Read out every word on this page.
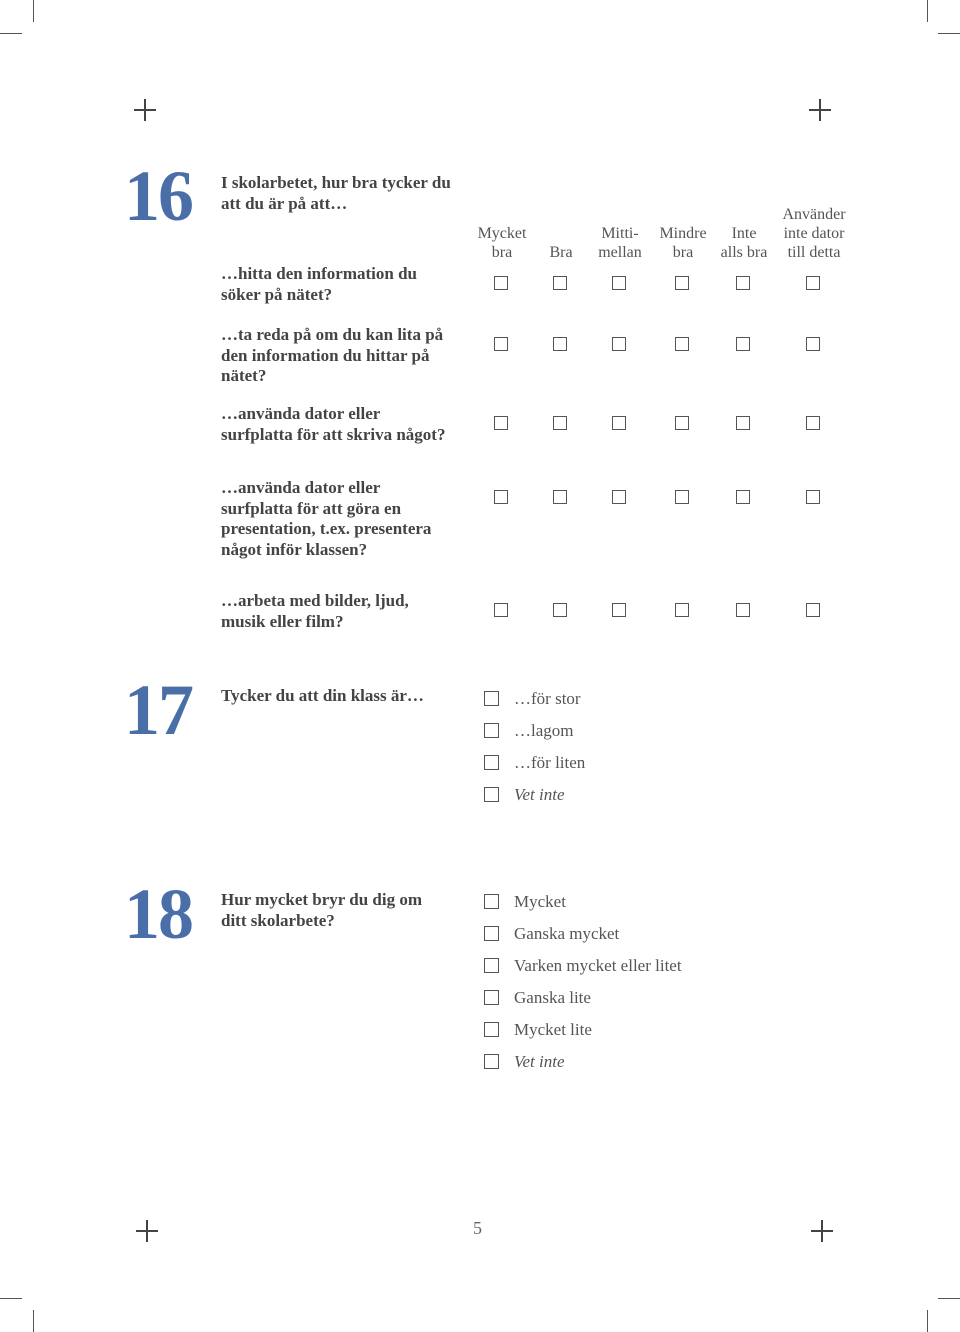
16 I skolarbetet, hur bra tycker du
att du är på att…
Mycket
bra	Bra
Mitti-
mellan
Mindre
bra
Inte
alls bra
Använder
inte dator
till detta
…hitta den information du
söker på nätet?
…ta reda på om du kan lita på
den information du hittar på
nätet?
…använda dator eller
surfplatta för att skriva något?
…använda dator eller
surfplatta för att göra en
presentation, t.ex. presentera
något inför klassen?
…arbeta med bilder, ljud,
musik eller film?
17 Tycker du att din klass är…	…för stor
…lagom
…för liten
Vet inte
18 Hur mycket bryr du dig om
ditt skolarbete?
Mycket
Ganska mycket
Varken mycket eller litet
Ganska lite
Mycket lite
Vet inte
5
